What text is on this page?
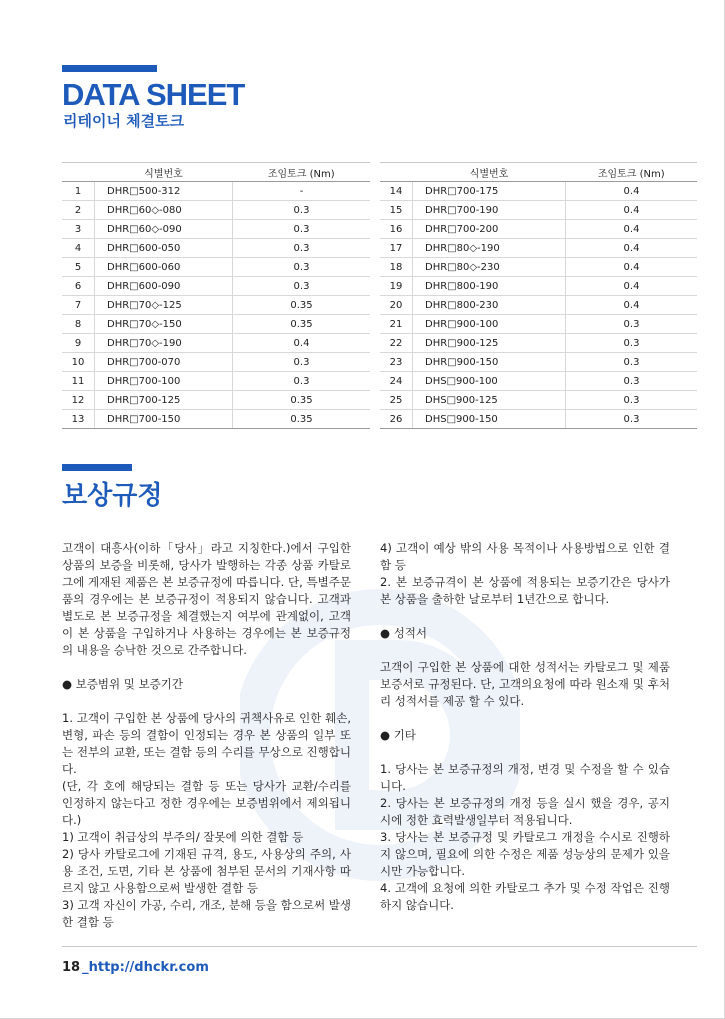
DATA SHEET
리테이너 체결토크
	식별번호	조임토크 (Nm)
1	DHR□500-312	-
2	DHR□60◇-080	0.3
3	DHR□60◇-090	0.3
4	DHR□600-050	0.3
5	DHR□600-060	0.3
6	DHR□600-090	0.3
7	DHR□70◇-125	0.35
8	DHR□70◇-150	0.35
9	DHR□70◇-190	0.4
10	DHR□700-070	0.3
11	DHR□700-100	0.3
12	DHR□700-125	0.35
13	DHR□700-150	0.35
	식별번호	조임토크 (Nm)
14	DHR□700-175	0.4
15	DHR□700-190	0.4
16	DHR□700-200	0.4
17	DHR□80◇-190	0.4
18	DHR□80◇-230	0.4
19	DHR□800-190	0.4
20	DHR□800-230	0.4
21	DHR□900-100	0.3
22	DHR□900-125	0.3
23	DHR□900-150	0.3
24	DHS□900-100	0.3
25	DHS□900-125	0.3
26	DHS□900-150	0.3
보상규정

고객이 대흥사(이하「당사」라고 지칭한다.)에서 구입한 상품의 보증을 비롯해, 당사가 발행하는 각종 상품 카탈로그에 게재된 제품은 본 보증규정에 따릅니다. 단, 특별주문품의 경우에는 본 보증규정이 적용되지 않습니다. 고객과 별도로 본 보증규정을 체결했는지 여부에 관계없이, 고객이 본 상품을 구입하거나 사용하는 경우에는 본 보증규정의 내용을 승낙한 것으로 간주합니다.

● 보증범위 및 보증기간

1. 고객이 구입한 본 상품에 당사의 귀책사유로 인한 훼손, 변형, 파손 등의 결함이 인정되는 경우 본 상품의 일부 또는 전부의 교환, 또는 결함 등의 수리를 무상으로 진행합니다.
(단, 각 호에 해당되는 결함 등 또는 당사가 교환/수리를 인정하지 않는다고 정한 경우에는 보증범위에서 제외됩니다.)
1) 고객이 취급상의 부주의/ 잘못에 의한 결함 등
2) 당사 카탈로그에 기재된 규격, 용도, 사용상의 주의, 사용 조건, 도면, 기타 본 상품에 첨부된 문서의 기재사항 따르지 않고 사용함으로써 발생한 결함 등
3) 고객 자신이 가공, 수리, 개조, 분해 등을 함으로써 발생한 결함 등

4) 고객이 예상 밖의 사용 목적이나 사용방법으로 인한 결함 등
2. 본 보증규격이 본 상품에 적용되는 보증기간은 당사가 본 상품을 출하한 날로부터 1년간으로 합니다.

● 성적서

고객이 구입한 본 상품에 대한 성적서는 카탈로그 및 제품보증서로 규정된다. 단, 고객의요청에 따라 원소재 및 후처리 성적서를 제공 할 수 있다.

● 기타

1. 당사는 본 보증규정의 개정, 변경 및 수정을 할 수 있습니다.
2. 당사는 본 보증규정의 개정 등을 실시 했을 경우, 공지 시에 정한 효력발생일부터 적용됩니다.
3. 당사는 본 보증규정 및 카탈로그 개정을 수시로 진행하지 않으며, 필요에 의한 수정은 제품 성능상의 문제가 있을 시만 가능합니다.
4. 고객에 요청에 의한 카탈로그 추가 및 수정 작업은 진행하지 않습니다.

18 _http://dhckr.com
